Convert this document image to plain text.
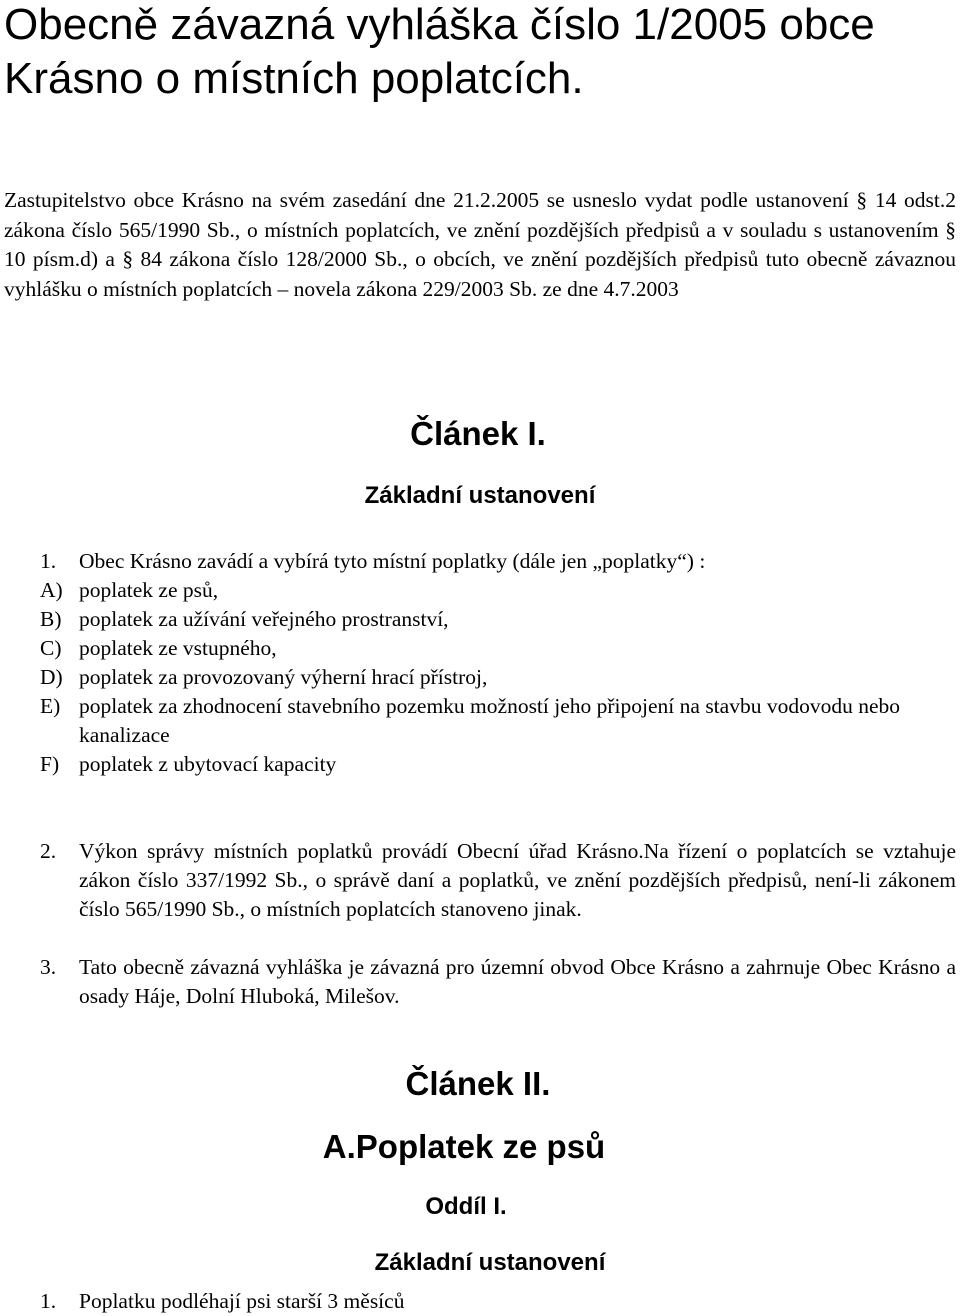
Obecně závazná vyhláška číslo 1/2005 obce Krásno o místních poplatcích.

Zastupitelstvo obce Krásno na svém zasedání dne 21.2.2005 se usneslo vydat podle ustanovení § 14 odst.2 zákona číslo 565/1990 Sb., o místních poplatcích, ve znění pozdějších předpisů a v souladu s ustanovením § 10 písm.d) a § 84 zákona číslo 128/2000 Sb., o obcích, ve znění pozdějších předpisů tuto obecně závaznou vyhlášku o místních poplatcích – novela zákona 229/2003 Sb. ze dne 4.7.2003

Článek I.
Základní ustanovení
1.	Obec Krásno zavádí a vybírá tyto místní poplatky (dále jen „poplatky“) :
A) poplatek ze psů,
B) poplatek za užívání veřejného prostranství,
C) poplatek ze vstupného,
D) poplatek za provozovaný výherní hrací přístroj,
E) poplatek za zhodnocení stavebního pozemku možností jeho připojení na stavbu vodovodu nebo kanalizace
F) poplatek z ubytovací kapacity
2.	Výkon správy místních poplatků provádí Obecní úřad Krásno.Na řízení o poplatcích se vztahuje zákon číslo 337/1992 Sb., o správě daní a poplatků, ve znění pozdějších předpisů, není-li zákonem číslo 565/1990 Sb., o místních poplatcích stanoveno jinak.
3.	Tato obecně závazná vyhláška je závazná pro územní obvod Obce Krásno a zahrnuje Obec Krásno a osady Háje, Dolní Hluboká, Milešov.
Článek II.
A.Poplatek ze psů
Oddíl I.
Základní ustanovení
1.	Poplatku podléhají psi starší 3 měsíců
